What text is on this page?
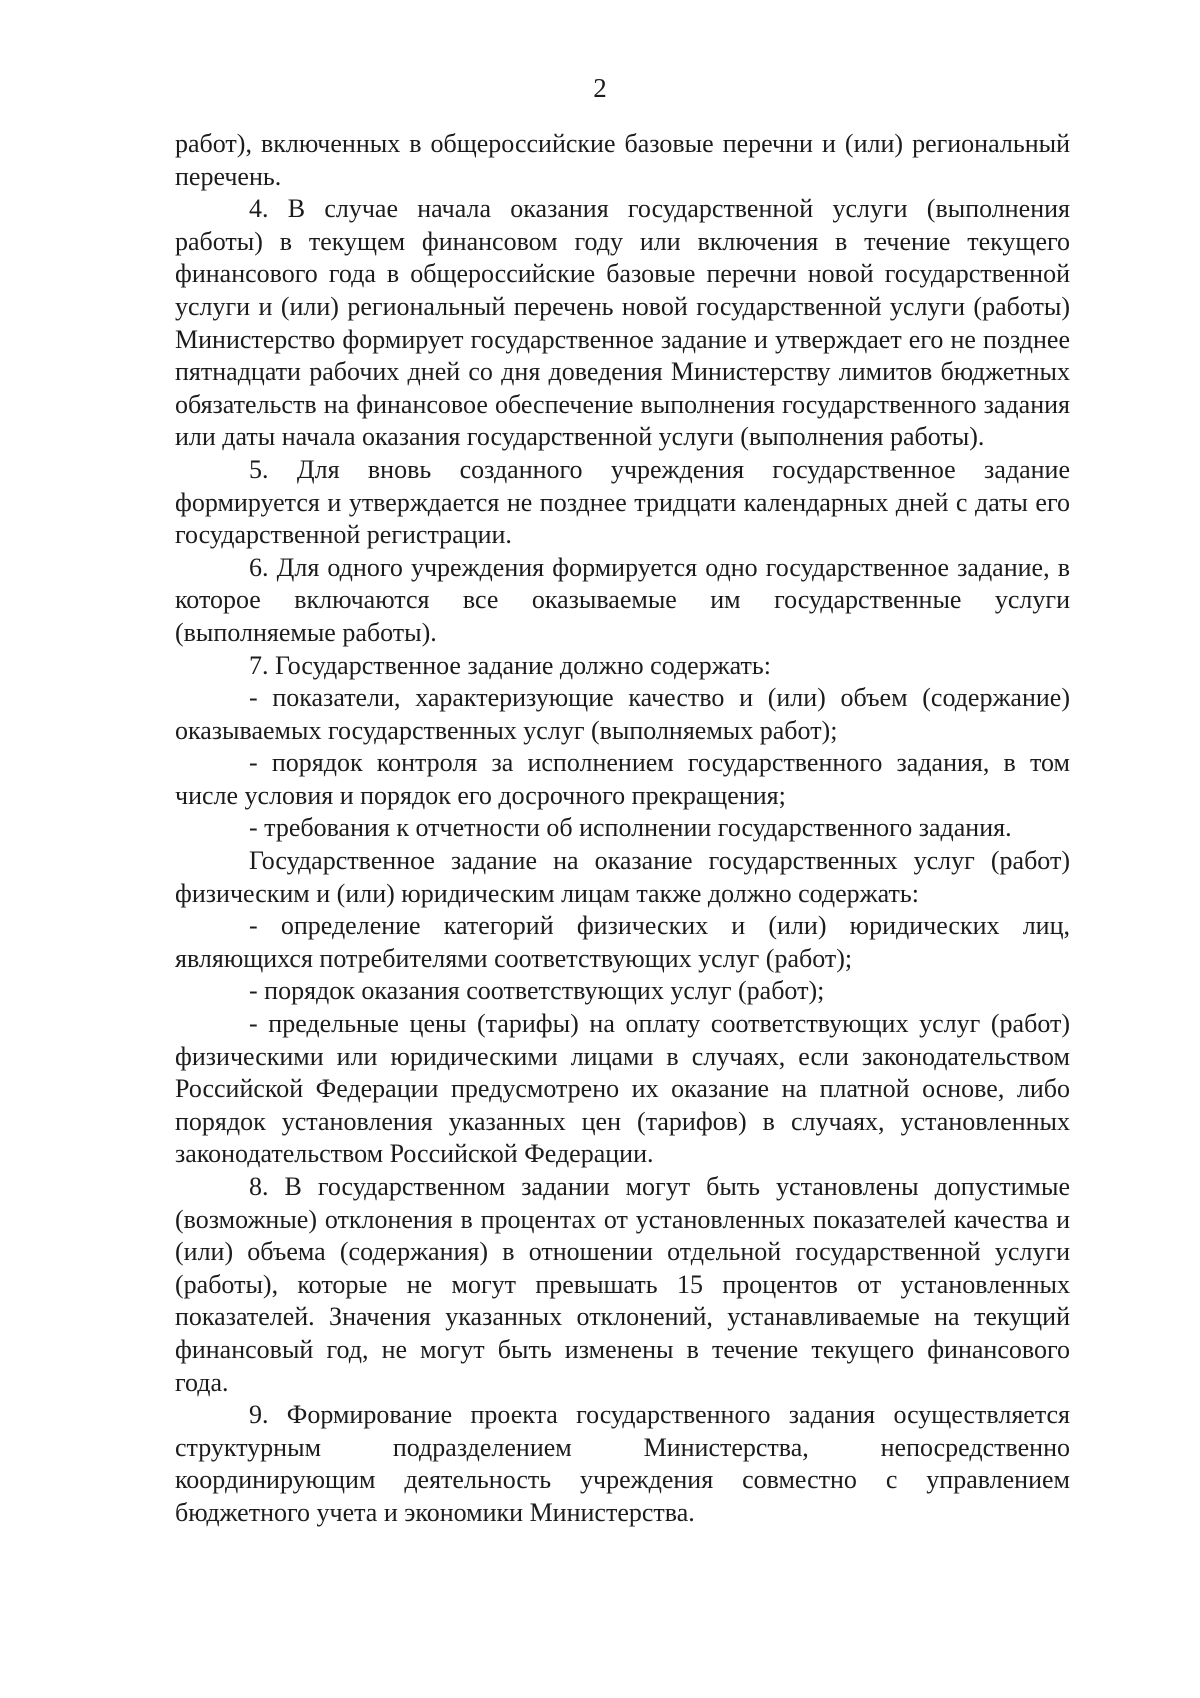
2

работ), включенных в общероссийские базовые перечни и (или) региональный перечень.

4. В случае начала оказания государственной услуги (выполнения работы) в текущем финансовом году или включения в течение текущего финансового года в общероссийские базовые перечни новой государственной услуги и (или) региональный перечень новой государственной услуги (работы) Министерство формирует государственное задание и утверждает его не позднее пятнадцати рабочих дней со дня доведения Министерству лимитов бюджетных обязательств на финансовое обеспечение выполнения государственного задания или даты начала оказания государственной услуги (выполнения работы).

5. Для вновь созданного учреждения государственное задание формируется и утверждается не позднее тридцати календарных дней с даты его государственной регистрации.

6. Для одного учреждения формируется одно государственное задание, в которое включаются все оказываемые им государственные услуги (выполняемые работы).

7. Государственное задание должно содержать:

- показатели, характеризующие качество и (или) объем (содержание) оказываемых государственных услуг (выполняемых работ);

- порядок контроля за исполнением государственного задания, в том числе условия и порядок его досрочного прекращения;

- требования к отчетности об исполнении государственного задания.

Государственное задание на оказание государственных услуг (работ) физическим и (или) юридическим лицам также должно содержать:

- определение категорий физических и (или) юридических лиц, являющихся потребителями соответствующих услуг (работ);

- порядок оказания соответствующих услуг (работ);

- предельные цены (тарифы) на оплату соответствующих услуг (работ) физическими или юридическими лицами в случаях, если законодательством Российской Федерации предусмотрено их оказание на платной основе, либо порядок установления указанных цен (тарифов) в случаях, установленных законодательством Российской Федерации.

8. В государственном задании могут быть установлены допустимые (возможные) отклонения в процентах от установленных показателей качества и (или) объема (содержания) в отношении отдельной государственной услуги (работы), которые не могут превышать 15 процентов от установленных показателей. Значения указанных отклонений, устанавливаемые на текущий финансовый год, не могут быть изменены в течение текущего финансового года.

9. Формирование проекта государственного задания осуществляется структурным подразделением Министерства, непосредственно координирующим деятельность учреждения совместно с управлением бюджетного учета и экономики Министерства.
